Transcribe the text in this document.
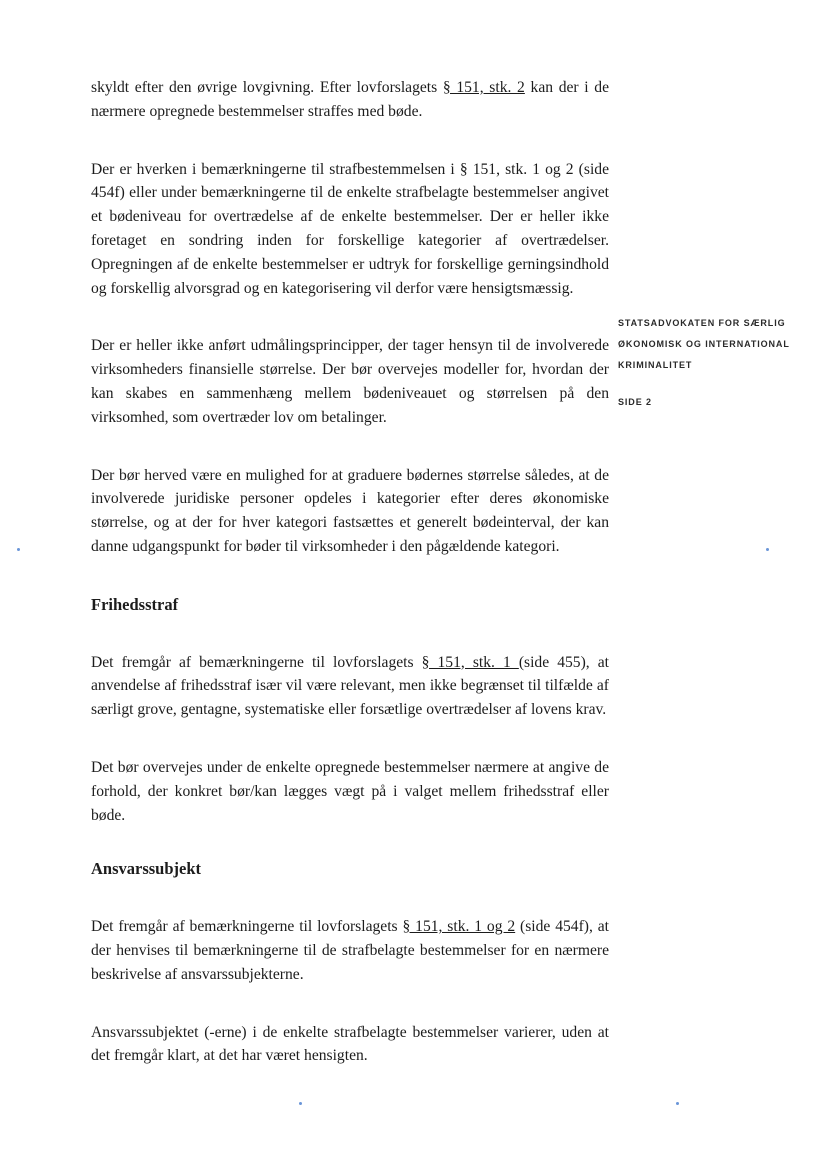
skyldt efter den øvrige lovgivning. Efter lovforslagets § 151, stk. 2 kan der i de nærmere opregnede bestemmelser straffes med bøde.

Der er hverken i bemærkningerne til strafbestemmelsen i § 151, stk. 1 og 2 (side 454f) eller under bemærkningerne til de enkelte strafbelagte bestemmelser angivet et bødeniveau for overtrædelse af de enkelte bestemmelser. Der er heller ikke foretaget en sondring inden for forskellige kategorier af overtrædelser. Opregningen af de enkelte bestemmelser er udtryk for forskellige gerningsindhold og forskellig alvorsgrad og en kategorisering vil derfor være hensigtsmæssig.

Der er heller ikke anført udmålingsprincipper, der tager hensyn til de involverede virksomheders finansielle størrelse. Der bør overvejes modeller for, hvordan der kan skabes en sammenhæng mellem bødeniveauet og størrelsen på den virksomhed, som overtræder lov om betalinger.

Der bør herved være en mulighed for at graduere bødernes størrelse således, at de involverede juridiske personer opdeles i kategorier efter deres økonomiske størrelse, og at der for hver kategori fastsættes et generelt bødeinterval, der kan danne udgangspunkt for bøder til virksomheder i den pågældende kategori.

Frihedsstraf

Det fremgår af bemærkningerne til lovforslagets § 151, stk. 1 (side 455), at anvendelse af frihedsstraf især vil være relevant, men ikke begrænset til tilfælde af særligt grove, gentagne, systematiske eller forsætlige overtrædelser af lovens krav.

Det bør overvejes under de enkelte opregnede bestemmelser nærmere at angive de forhold, der konkret bør/kan lægges vægt på i valget mellem frihedsstraf eller bøde.

Ansvarssubjekt

Det fremgår af bemærkningerne til lovforslagets § 151, stk. 1 og 2 (side 454f), at der henvises til bemærkningerne til de strafbelagte bestemmelser for en nærmere beskrivelse af ansvarssubjekterne.

Ansvarssubjektet (-erne) i de enkelte strafbelagte bestemmelser varierer, uden at det fremgår klart, at det har været hensigten.

STATSADVOKATEN FOR SÆRLIG
ØKONOMISK OG INTERNATIONAL
KRIMINALITET
SIDE 2
